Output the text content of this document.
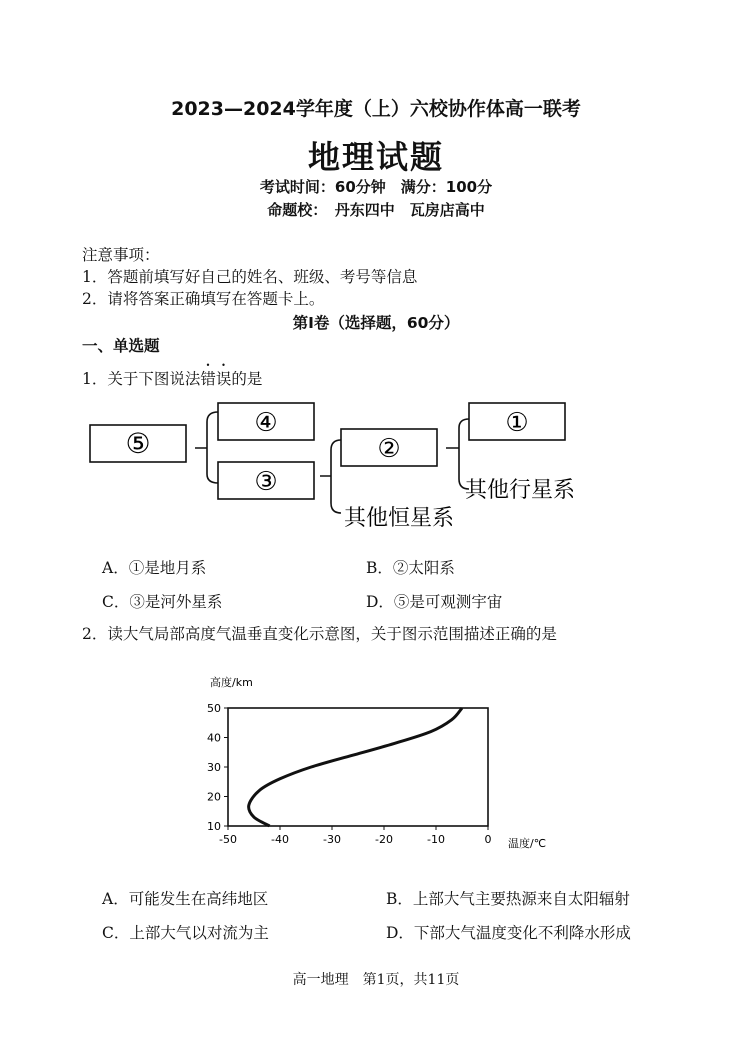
2023—2024学年度（上）六校协作体高一联考
地理试题
考试时间：60分钟　满分：100分
命题校：　丹东四中　瓦房店高中
注意事项：
1．答题前填写好自己的姓名、班级、考号等信息
2．请将答案正确填写在答题卡上。
第Ⅰ卷（选择题，60分）
一、单选题
1．关于下图说法错误的是
⑤
④
③
②
①
其他行星系
其他恒星系
A．①是地月系	B．②太阳系
C．③是河外星系	D．⑤是可观测宇宙
2．读大气局部高度气温垂直变化示意图，关于图示范围描述正确的是
高度/km
温度/℃
-50	-40	-30	-20	-10	0
10
20
30
40
50
A．可能发生在高纬地区	B．上部大气主要热源来自太阳辐射
C．上部大气以对流为主	D．下部大气温度变化不利降水形成
高一地理　第1页，共11页
